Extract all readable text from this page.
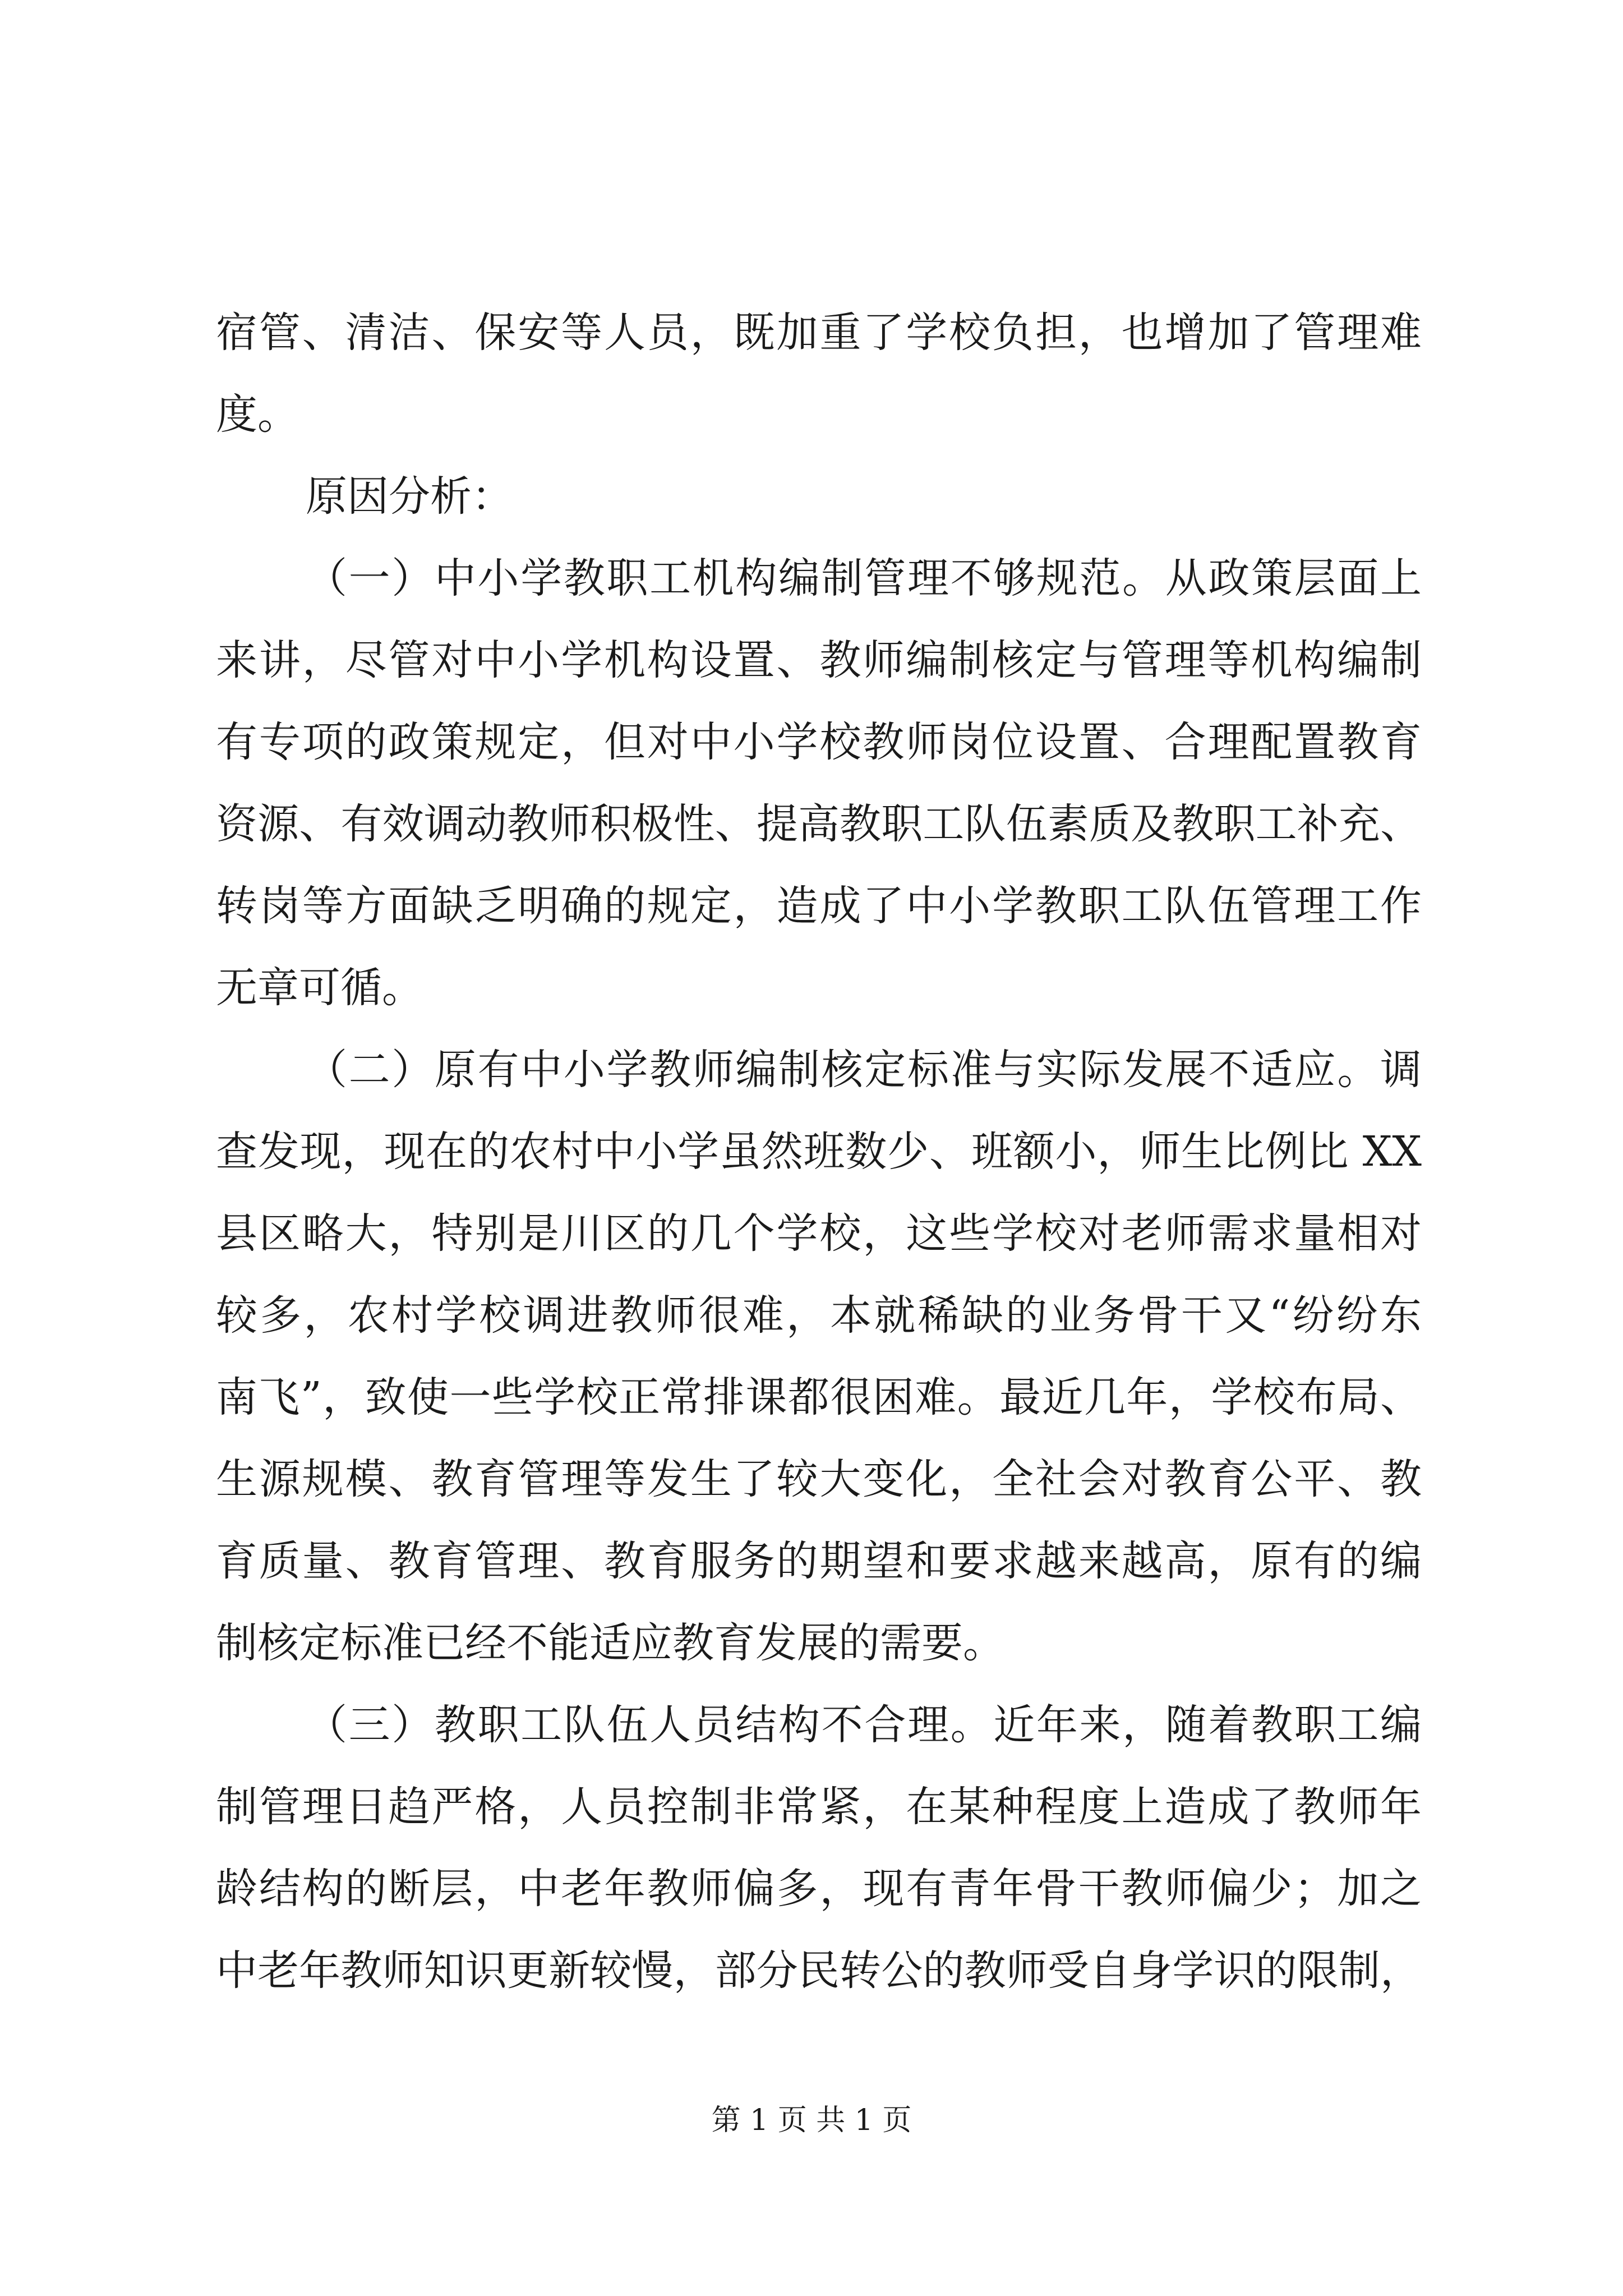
宿管、清洁、保安等人员，既加重了学校负担，也增加了管理难
度。
原因分析：
（一）中小学教职工机构编制管理不够规范。从政策层面上
来讲，尽管对中小学机构设置、教师编制核定与管理等机构编制
有专项的政策规定，但对中小学校教师岗位设置、合理配置教育
资源、有效调动教师积极性、提高教职工队伍素质及教职工补充、
转岗等方面缺乏明确的规定，造成了中小学教职工队伍管理工作
无章可循。
（二）原有中小学教师编制核定标准与实际发展不适应。调
查发现，现在的农村中小学虽然班数少、班额小，师生比例比 XX
县区略大，特别是川区的几个学校，这些学校对老师需求量相对
较多，农村学校调进教师很难，本就稀缺的业务骨干又“纷纷东
南飞”，致使一些学校正常排课都很困难。最近几年，学校布局、
生源规模、教育管理等发生了较大变化，全社会对教育公平、教
育质量、教育管理、教育服务的期望和要求越来越高，原有的编
制核定标准已经不能适应教育发展的需要。
（三）教职工队伍人员结构不合理。近年来，随着教职工编
制管理日趋严格，人员控制非常紧，在某种程度上造成了教师年
龄结构的断层，中老年教师偏多，现有青年骨干教师偏少；加之
中老年教师知识更新较慢，部分民转公的教师受自身学识的限制，
第 1 页 共 1 页
